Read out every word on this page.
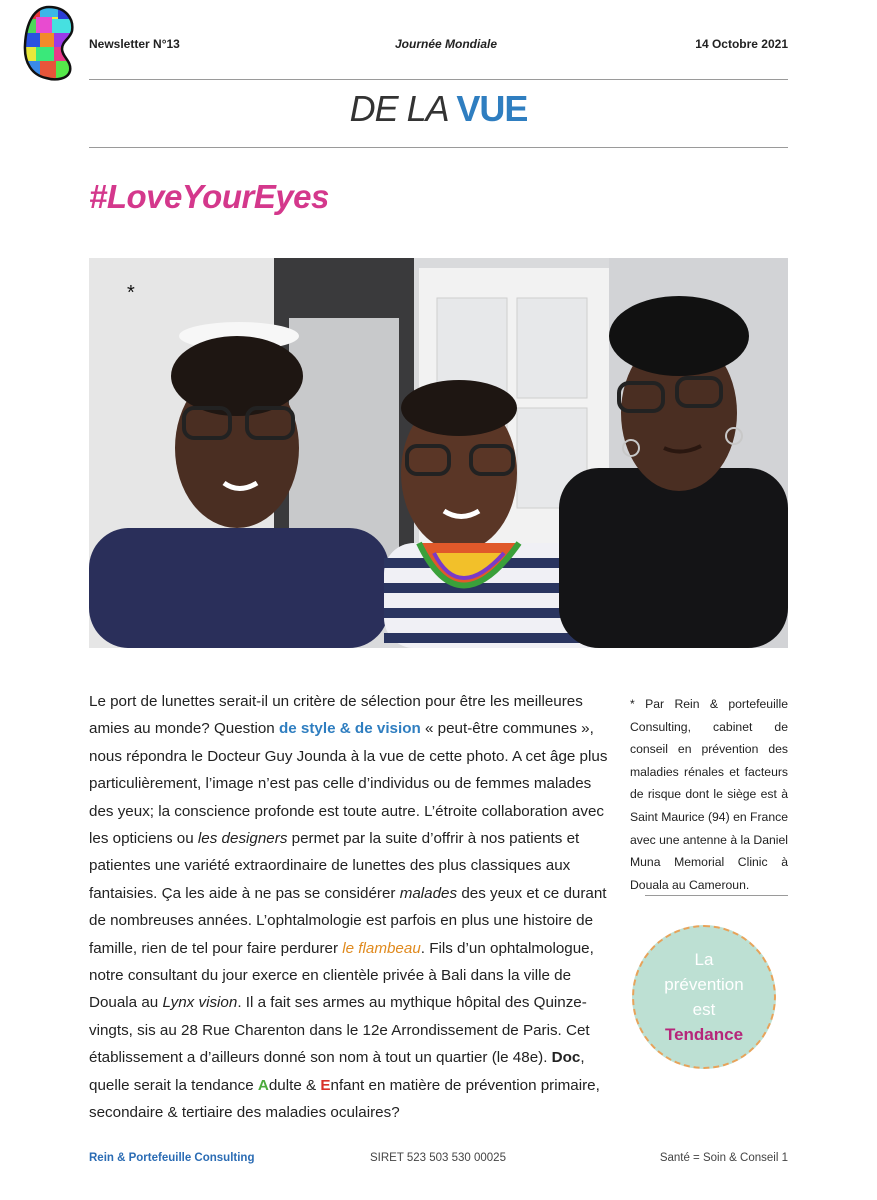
Newsletter N°13	Journée Mondiale	14 Octobre 2021
DE LA VUE
#LoveYourEyes
*
Le port de lunettes serait-il un critère de sélection pour être les meilleures amies au monde? Question de style & de vision « peut-être communes », nous répondra le Docteur Guy Jounda à la vue de cette photo. A cet âge plus particulièrement, l’image n’est pas celle d’individus ou de femmes malades des yeux; la conscience profonde est toute autre. L’étroite collaboration avec les opticiens ou les designers permet par la suite d’offrir à nos patients et patientes une variété extraordinaire de lunettes des plus classiques aux fantaisies. Ça les aide à ne pas se considérer malades des yeux et ce durant de nombreuses années. L’ophtalmologie est parfois en plus une histoire de famille, rien de tel pour faire perdurer le flambeau. Fils d’un ophtalmologue, notre consultant du jour exerce en clientèle privée à Bali dans la ville de Douala au Lynx vision. Il a fait ses armes au mythique hôpital des Quinze-vingts, sis au 28 Rue Charenton dans le 12e Arrondissement de Paris. Cet établissement a d’ailleurs donné son nom à tout un quartier (le 48e). Doc, quelle serait la tendance Adulte & Enfant en matière de prévention primaire, secondaire & tertiaire des maladies oculaires?
* Par Rein & portefeuille Consulting, cabinet de conseil en prévention des maladies rénales et facteurs de risque dont le siège est à Saint Maurice (94) en France avec une antenne à la Daniel Muna Memorial Clinic à Douala au Cameroun.
La
prévention
est
Tendance
Rein & Portefeuille Consulting	SIRET 523 503 530 00025	Santé = Soin & Conseil 1
